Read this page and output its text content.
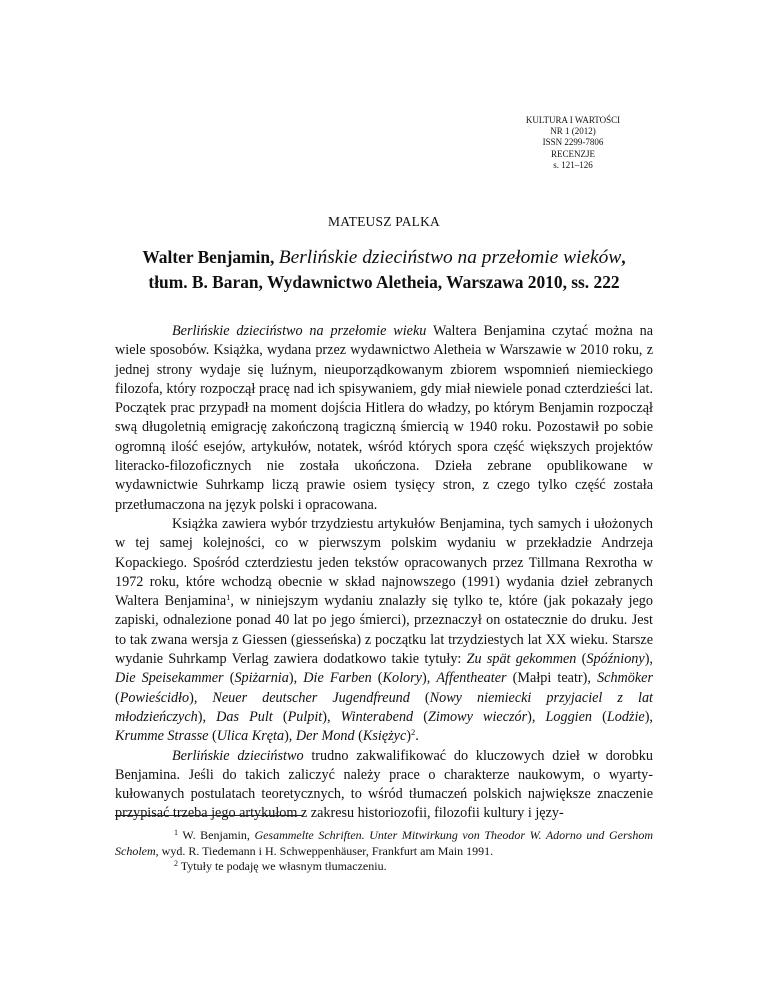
KULTURA I WARTOŚCI
NR 1 (2012)
ISSN 2299-7806
RECENZJE
s. 121–126
MATEUSZ PALKA
Walter Benjamin, Berlińskie dzieciństwo na przełomie wieków,
tłum. B. Baran, Wydawnictwo Aletheia, Warszawa 2010, ss. 222

Berlińskie dzieciństwo na przełomie wieku Waltera Benjamina czytać można na wiele sposobów. Książka, wydana przez wydawnictwo Aletheia w Warszawie w 2010 roku, z jednej strony wydaje się luźnym, nieuporządkowanym zbiorem wspomnień niemieckiego filozofa, który rozpoczął pracę nad ich spisywaniem, gdy miał niewiele ponad czterdzieści lat. Początek prac przypadł na moment dojścia Hitlera do władzy, po którym Benjamin rozpoczął swą długoletnią emigrację zakończoną tragiczną śmiercią w 1940 roku. Pozostawił po sobie ogromną ilość esejów, artykułów, notatek, wśród których spora część większych projektów literacko-filozoficznych nie została ukończona. Dzieła zebrane opublikowane w wydawnictwie Suhrkamp liczą prawie osiem tysięcy stron, z czego tylko część została przetłumaczona na język polski i opracowana.

Książka zawiera wybór trzydziestu artykułów Benjamina, tych samych i ułożonych w tej samej kolejności, co w pierwszym polskim wydaniu w przekładzie Andrzeja Kopackiego. Spośród czterdziestu jeden tekstów opracowanych przez Tillmana Rexrotha w 1972 roku, które wchodzą obecnie w skład najnowszego (1991) wydania dzieł zebranych Waltera Benjamina$^1$, w niniejszym wydaniu znalazły się tylko te, które (jak pokazały jego zapiski, odnalezione ponad 40 lat po jego śmierci), przeznaczył on ostatecznie do druku. Jest to tak zwana wersja z Giessen (giesseńska) z początku lat trzydziestych lat XX wieku. Starsze wydanie Suhrkamp Verlag zawiera dodatkowo takie tytuły: Zu spät gekommen (Spóźniony), Die Speisekammer (Spiżarnia), Die Farben (Kolory), Affentheater (Małpi teatr), Schmöker (Powieścidło), Neuer deutscher Jugendfreund (Nowy niemiecki przyjaciel z lat młodzieńczych), Das Pult (Pulpit), Winterabend (Zimowy wieczór), Loggien (Lodżie), Krumme Strasse (Ulica Kręta), Der Mond (Księżyc)$^2$.

Berlińskie dzieciństwo trudno zakwalifikować do kluczowych dzieł w dorobku Benjamina. Jeśli do takich zaliczyć należy prace o charakterze naukowym, o wyartykułowanych postulatach teoretycznych, to wśród tłumaczeń polskich największe znaczenie przypisać trzeba jego artykułom z zakresu historiozofii, filozofii kultury i języ-

$^1$ W. Benjamin, Gesammelte Schriften. Unter Mitwirkung von Theodor W. Adorno und Gershom Scholem, wyd. R. Tiedemann i H. Schweppenhäuser, Frankfurt am Main 1991.

$^2$ Tytuły te podaję we własnym tłumaczeniu.
